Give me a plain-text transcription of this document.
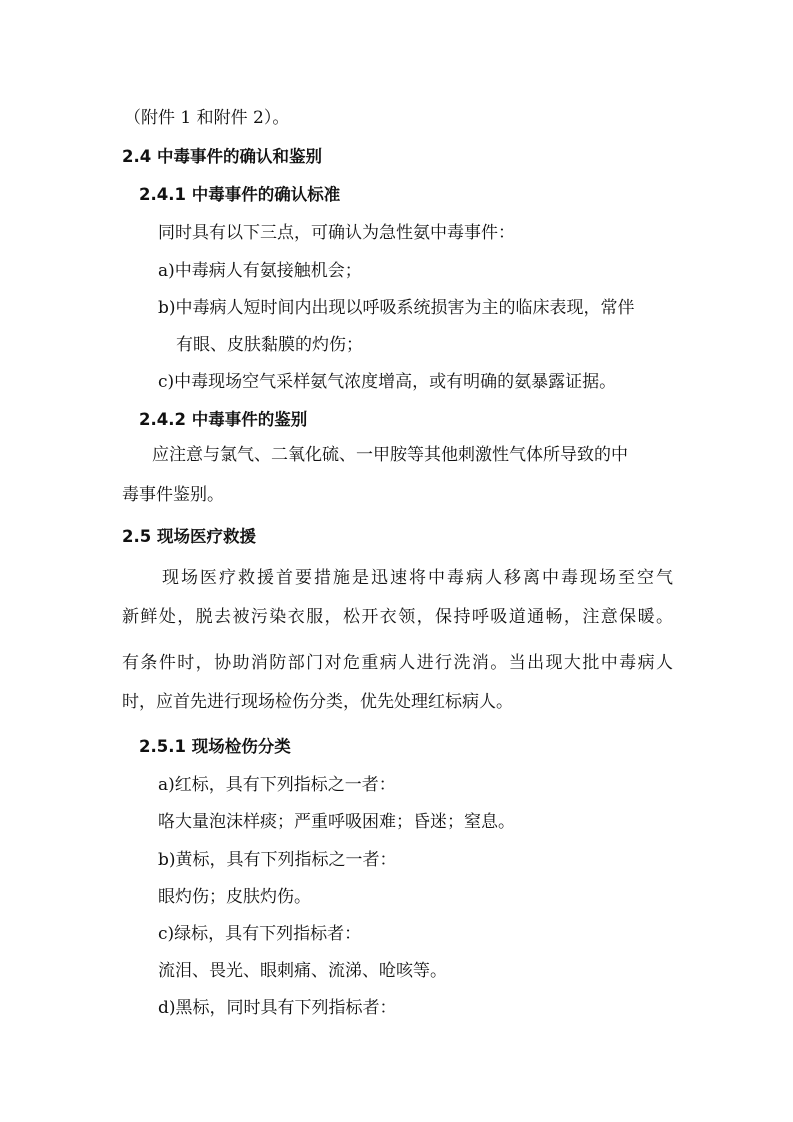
（附件 1 和附件 2）。
2.4 中毒事件的确认和鉴别
2.4.1 中毒事件的确认标准
同时具有以下三点，可确认为急性氨中毒事件：
a)中毒病人有氨接触机会；
b)中毒病人短时间内出现以呼吸系统损害为主的临床表现，常伴
有眼、皮肤黏膜的灼伤；
c)中毒现场空气采样氨气浓度增高，或有明确的氨暴露证据。
2.4.2 中毒事件的鉴别
应注意与氯气、二氧化硫、一甲胺等其他刺激性气体所导致的中
毒事件鉴别。
2.5 现场医疗救援
现场医疗救援首要措施是迅速将中毒病人移离中毒现场至空气
新鲜处，脱去被污染衣服，松开衣领，保持呼吸道通畅，注意保暖。
有条件时，协助消防部门对危重病人进行洗消。当出现大批中毒病人
时，应首先进行现场检伤分类，优先处理红标病人。
2.5.1 现场检伤分类
a)红标，具有下列指标之一者：
咯大量泡沫样痰；严重呼吸困难；昏迷；窒息。
b)黄标，具有下列指标之一者：
眼灼伤；皮肤灼伤。
c)绿标，具有下列指标者：
流泪、畏光、眼刺痛、流涕、呛咳等。
d)黑标，同时具有下列指标者：
